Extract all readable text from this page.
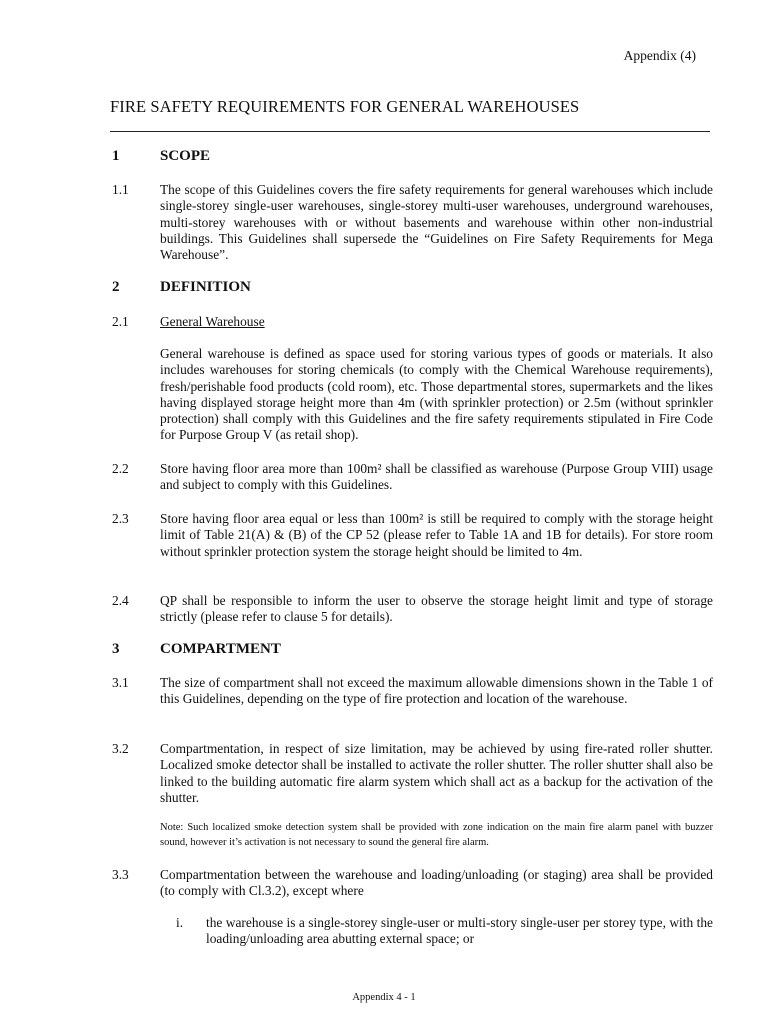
Appendix (4)
FIRE SAFETY REQUIREMENTS FOR GENERAL WAREHOUSES
1	SCOPE
1.1 The scope of this Guidelines covers the fire safety requirements for general warehouses which include single-storey single-user warehouses, single-storey multi-user warehouses, underground warehouses, multi-storey warehouses with or without basements and warehouse within other non-industrial buildings. This Guidelines shall supersede the “Guidelines on Fire Safety Requirements for Mega Warehouse”.
2	DEFINITION
2.1 General Warehouse
General warehouse is defined as space used for storing various types of goods or materials. It also includes warehouses for storing chemicals (to comply with the Chemical Warehouse requirements), fresh/perishable food products (cold room), etc. Those departmental stores, supermarkets and the likes having displayed storage height more than 4m (with sprinkler protection) or 2.5m (without sprinkler protection) shall comply with this Guidelines and the fire safety requirements stipulated in Fire Code for Purpose Group V (as retail shop).
2.2 Store having floor area more than 100m² shall be classified as warehouse (Purpose Group VIII) usage and subject to comply with this Guidelines.
2.3 Store having floor area equal or less than 100m² is still be required to comply with the storage height limit of Table 21(A) & (B) of the CP 52 (please refer to Table 1A and 1B for details). For store room without sprinkler protection system the storage height should be limited to 4m.
2.4 QP shall be responsible to inform the user to observe the storage height limit and type of storage strictly (please refer to clause 5 for details).
3	COMPARTMENT
3.1 The size of compartment shall not exceed the maximum allowable dimensions shown in the Table 1 of this Guidelines, depending on the type of fire protection and location of the warehouse.
3.2 Compartmentation, in respect of size limitation, may be achieved by using fire-rated roller shutter. Localized smoke detector shall be installed to activate the roller shutter. The roller shutter shall also be linked to the building automatic fire alarm system which shall act as a backup for the activation of the shutter.
Note: Such localized smoke detection system shall be provided with zone indication on the main fire alarm panel with buzzer sound, however it’s activation is not necessary to sound the general fire alarm.
3.3 Compartmentation between the warehouse and loading/unloading (or staging) area shall be provided (to comply with Cl.3.2), except where
i. the warehouse is a single-storey single-user or multi-story single-user per storey type, with the loading/unloading area abutting external space; or
Appendix 4 - 1
